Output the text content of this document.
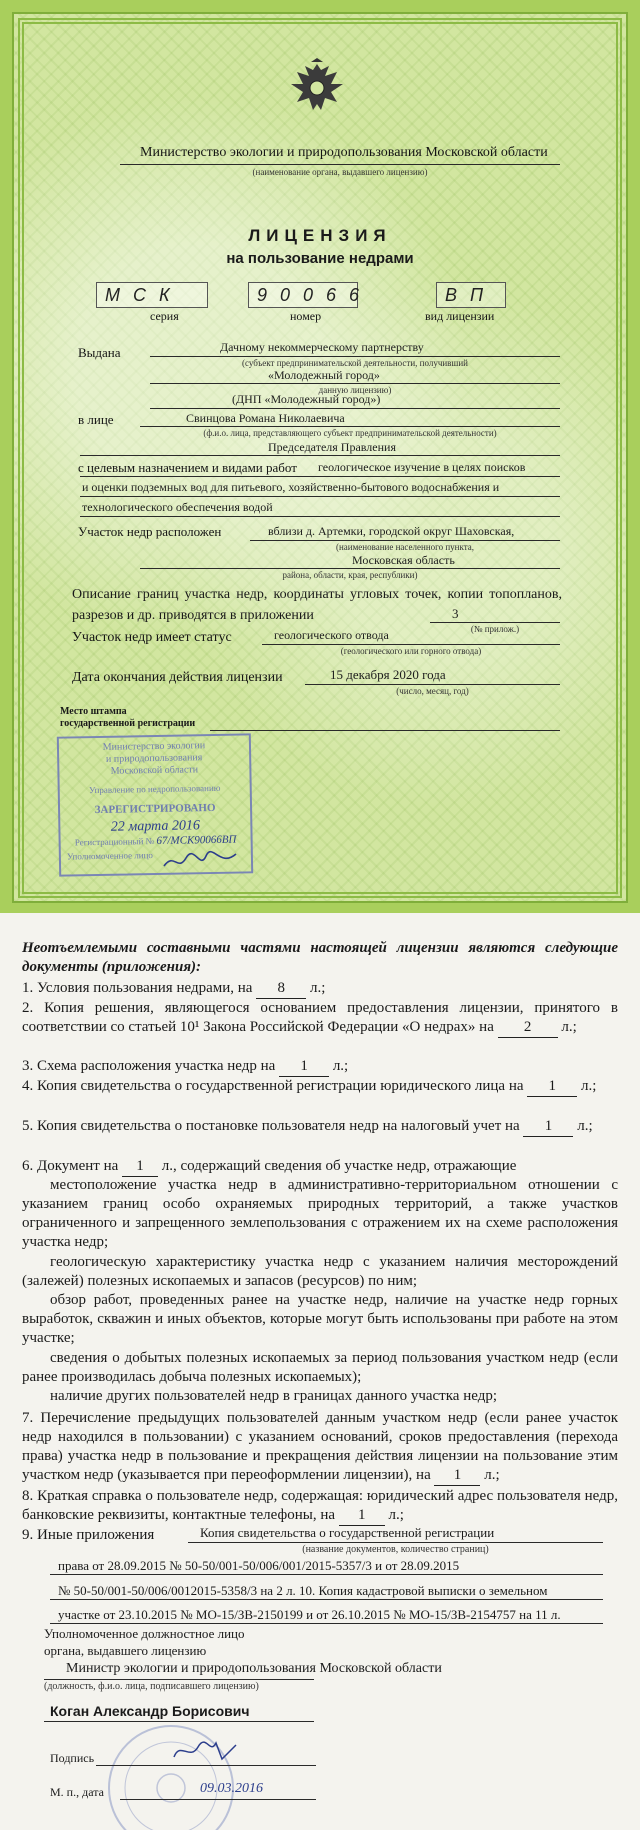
Министерство экологии и природопользования Московской области
(наименование органа, выдавшего лицензию)
ЛИЦЕНЗИЯ
на пользование недрами
МСК	90066	ВП
серия	номер	вид лицензии
Выдана	Дачному некоммерческому партнерству
(субъект предпринимательской деятельности, получивший
«Молодежный город»
данную лицензию)
(ДНП «Молодежный город»)
в лице	Свинцова Романа Николаевича
(ф.и.о. лица, представляющего субъект предпринимательской деятельности)
Председателя Правления
с целевым назначением и видами работ геологическое изучение в целях поисков
и оценки подземных вод для питьевого, хозяйственно-бытового водоснабжения и
технологического обеспечения водой
Участок недр расположен	вблизи д. Артемки, городской округ Шаховская,
(наименование населенного пункта,
Московская область
района, области, края, республики)
Описание границ участка недр, координаты угловых точек, копии топопланов, разрезов и др. приводятся в приложении	3
(№ прилож.)
Участок недр имеет статус	геологического отвода
(геологического или горного отвода)
Дата окончания действия лицензии	15 декабря 2020 года
(число, месяц, год)
Место штампа
государственной регистрации
Министерство экологии
и природопользования
Московской области
Управление по недропользованию
ЗАРЕГИСТРИРОВАНО
22 марта 2016
Регистрационный № 67/МСК90066ВП
Уполномоченное лицо
Неотъемлемыми составными частями настоящей лицензии являются следующие документы (приложения):
1. Условия пользования недрами, на 8 л.;
2. Копия решения, являющегося основанием предоставления лицензии, принятого в соответствии со статьей 10¹ Закона Российской Федерации «О недрах» на 2 л.;
3. Схема расположения участка недр на 1 л.;
4. Копия свидетельства о государственной регистрации юридического лица на 1 л.;
5. Копия свидетельства о постановке пользователя недр на налоговый учет на 1 л.;
6. Документ на 1 л., содержащий сведения об участке недр, отражающие
местоположение участка недр в административно-территориальном отношении с указанием границ особо охраняемых природных территорий, а также участков ограниченного и запрещенного землепользования с отражением их на схеме расположения участка недр;
геологическую характеристику участка недр с указанием наличия месторождений (залежей) полезных ископаемых и запасов (ресурсов) по ним;
обзор работ, проведенных ранее на участке недр, наличие на участке недр горных выработок, скважин и иных объектов, которые могут быть использованы при работе на этом участке;
сведения о добытых полезных ископаемых за период пользования участком недр (если ранее производилась добыча полезных ископаемых);
наличие других пользователей недр в границах данного участка недр;
7. Перечисление предыдущих пользователей данным участком недр (если ранее участок недр находился в пользовании) с указанием оснований, сроков предоставления (перехода права) участка недр в пользование и прекращения действия лицензии на пользование этим участком недр (указывается при переоформлении лицензии), на 1 л.;
8. Краткая справка о пользователе недр, содержащая: юридический адрес пользователя недр, банковские реквизиты, контактные телефоны, на 1 л.;
9. Иные приложения	Копия свидетельства о государственной регистрации
(название документов, количество страниц)
права от 28.09.2015 № 50-50/001-50/006/001/2015-5357/3 и от 28.09.2015
№ 50-50/001-50/006/0012015-5358/3 на 2 л. 10. Копия кадастровой выписки о земельном
участке от 23.10.2015 № МО-15/ЗВ-2150199 и от 26.10.2015 № МО-15/ЗВ-2154757 на 11 л.
Уполномоченное должностное лицо
органа, выдавшего лицензию
Министр экологии и природопользования Московской области
(должность, ф.и.о. лица, подписавшего лицензию)
Коган Александр Борисович
Подпись
М. п., дата	09.03.2016
